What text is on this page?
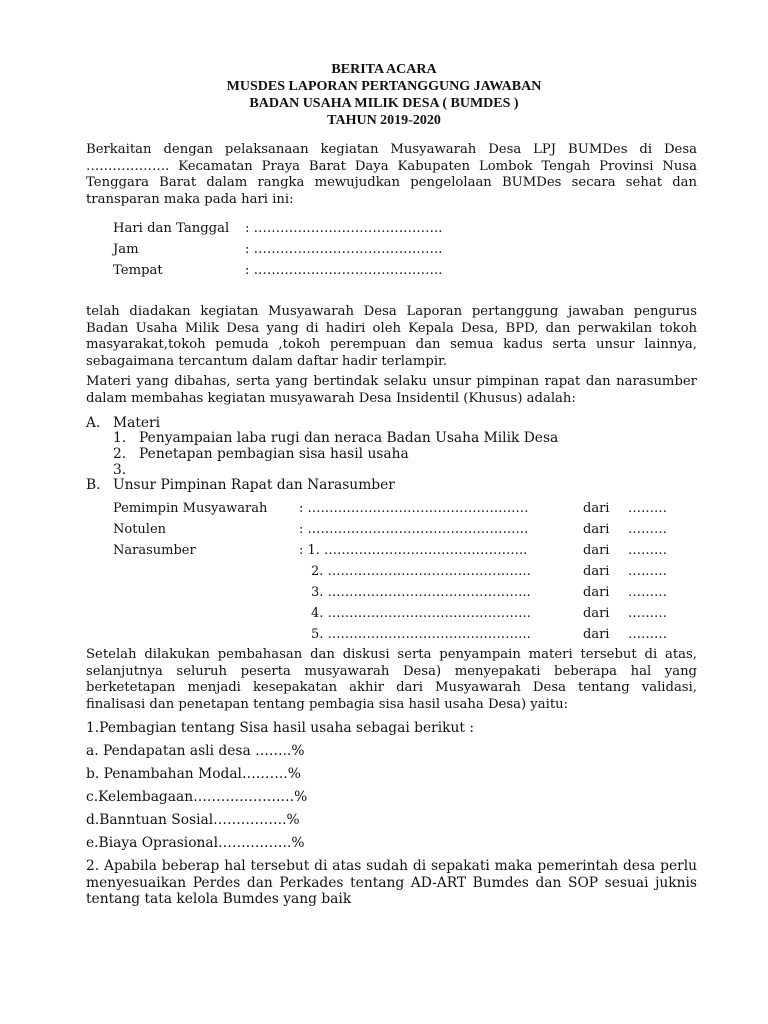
BERITA ACARA
MUSDES LAPORAN PERTANGGUNG JAWABAN
BADAN USAHA MILIK DESA ( BUMDES )
TAHUN 2019-2020

Berkaitan dengan pelaksanaan kegiatan Musyawarah Desa LPJ BUMDes di Desa ………………. Kecamatan Praya Barat Daya Kabupaten Lombok Tengah Provinsi Nusa Tenggara Barat dalam rangka mewujudkan pengelolaan BUMDes secara sehat dan transparan maka pada hari ini:

Hari dan Tanggal : …………………………………….
Jam	: …………………………………….
Tempat	: …………………………………….

telah diadakan kegiatan Musyawarah Desa Laporan pertanggung jawaban pengurus Badan Usaha Milik Desa yang di hadiri oleh Kepala Desa, BPD, dan perwakilan tokoh masyarakat,tokoh pemuda ,tokoh perempuan dan semua kadus serta unsur lainnya, sebagaimana tercantum dalam daftar hadir terlampir.

Materi yang dibahas, serta yang bertindak selaku unsur pimpinan rapat dan narasumber dalam membahas kegiatan musyawarah Desa Insidentil (Khusus) adalah:

A. Materi
1. Penyampaian laba rugi dan neraca Badan Usaha Milik Desa
2. Penetapan pembagian sisa hasil usaha
3.
B. Unsur Pimpinan Rapat dan Narasumber
Pemimpin Musyawarah : ……………………………………………	dari ………
Notulen	: ……………………………………………	dari ………
Narasumber	: 1. ………………………………………..	dari ………
2. ………………………………………..	dari ………
3. ………………………………………..	dari ………
4. ………………………………………..	dari ………
5. ………………………………………..	dari ………

Setelah dilakukan pembahasan dan diskusi serta penyampain materi tersebut di atas, selanjutnya seluruh peserta musyawarah Desa) menyepakati beberapa hal yang berketetapan menjadi kesepakatan akhir dari Musyawarah Desa tentang validasi, finalisasi dan penetapan tentang pembagia sisa hasil usaha Desa) yaitu:

1.Pembagian tentang Sisa hasil usaha sebagai berikut :
a. Pendapatan asli desa ……..%
b. Penambahan Modal……….%
c.Kelembagaan………………….%
d.Banntuan Sosial…………….%
e.Biaya Oprasional…………….%

2. Apabila beberap hal tersebut di atas sudah di sepakati maka pemerintah desa perlu menyesuaikan Perdes dan Perkades tentang AD-ART Bumdes dan SOP sesuai juknis tentang tata kelola Bumdes yang baik
